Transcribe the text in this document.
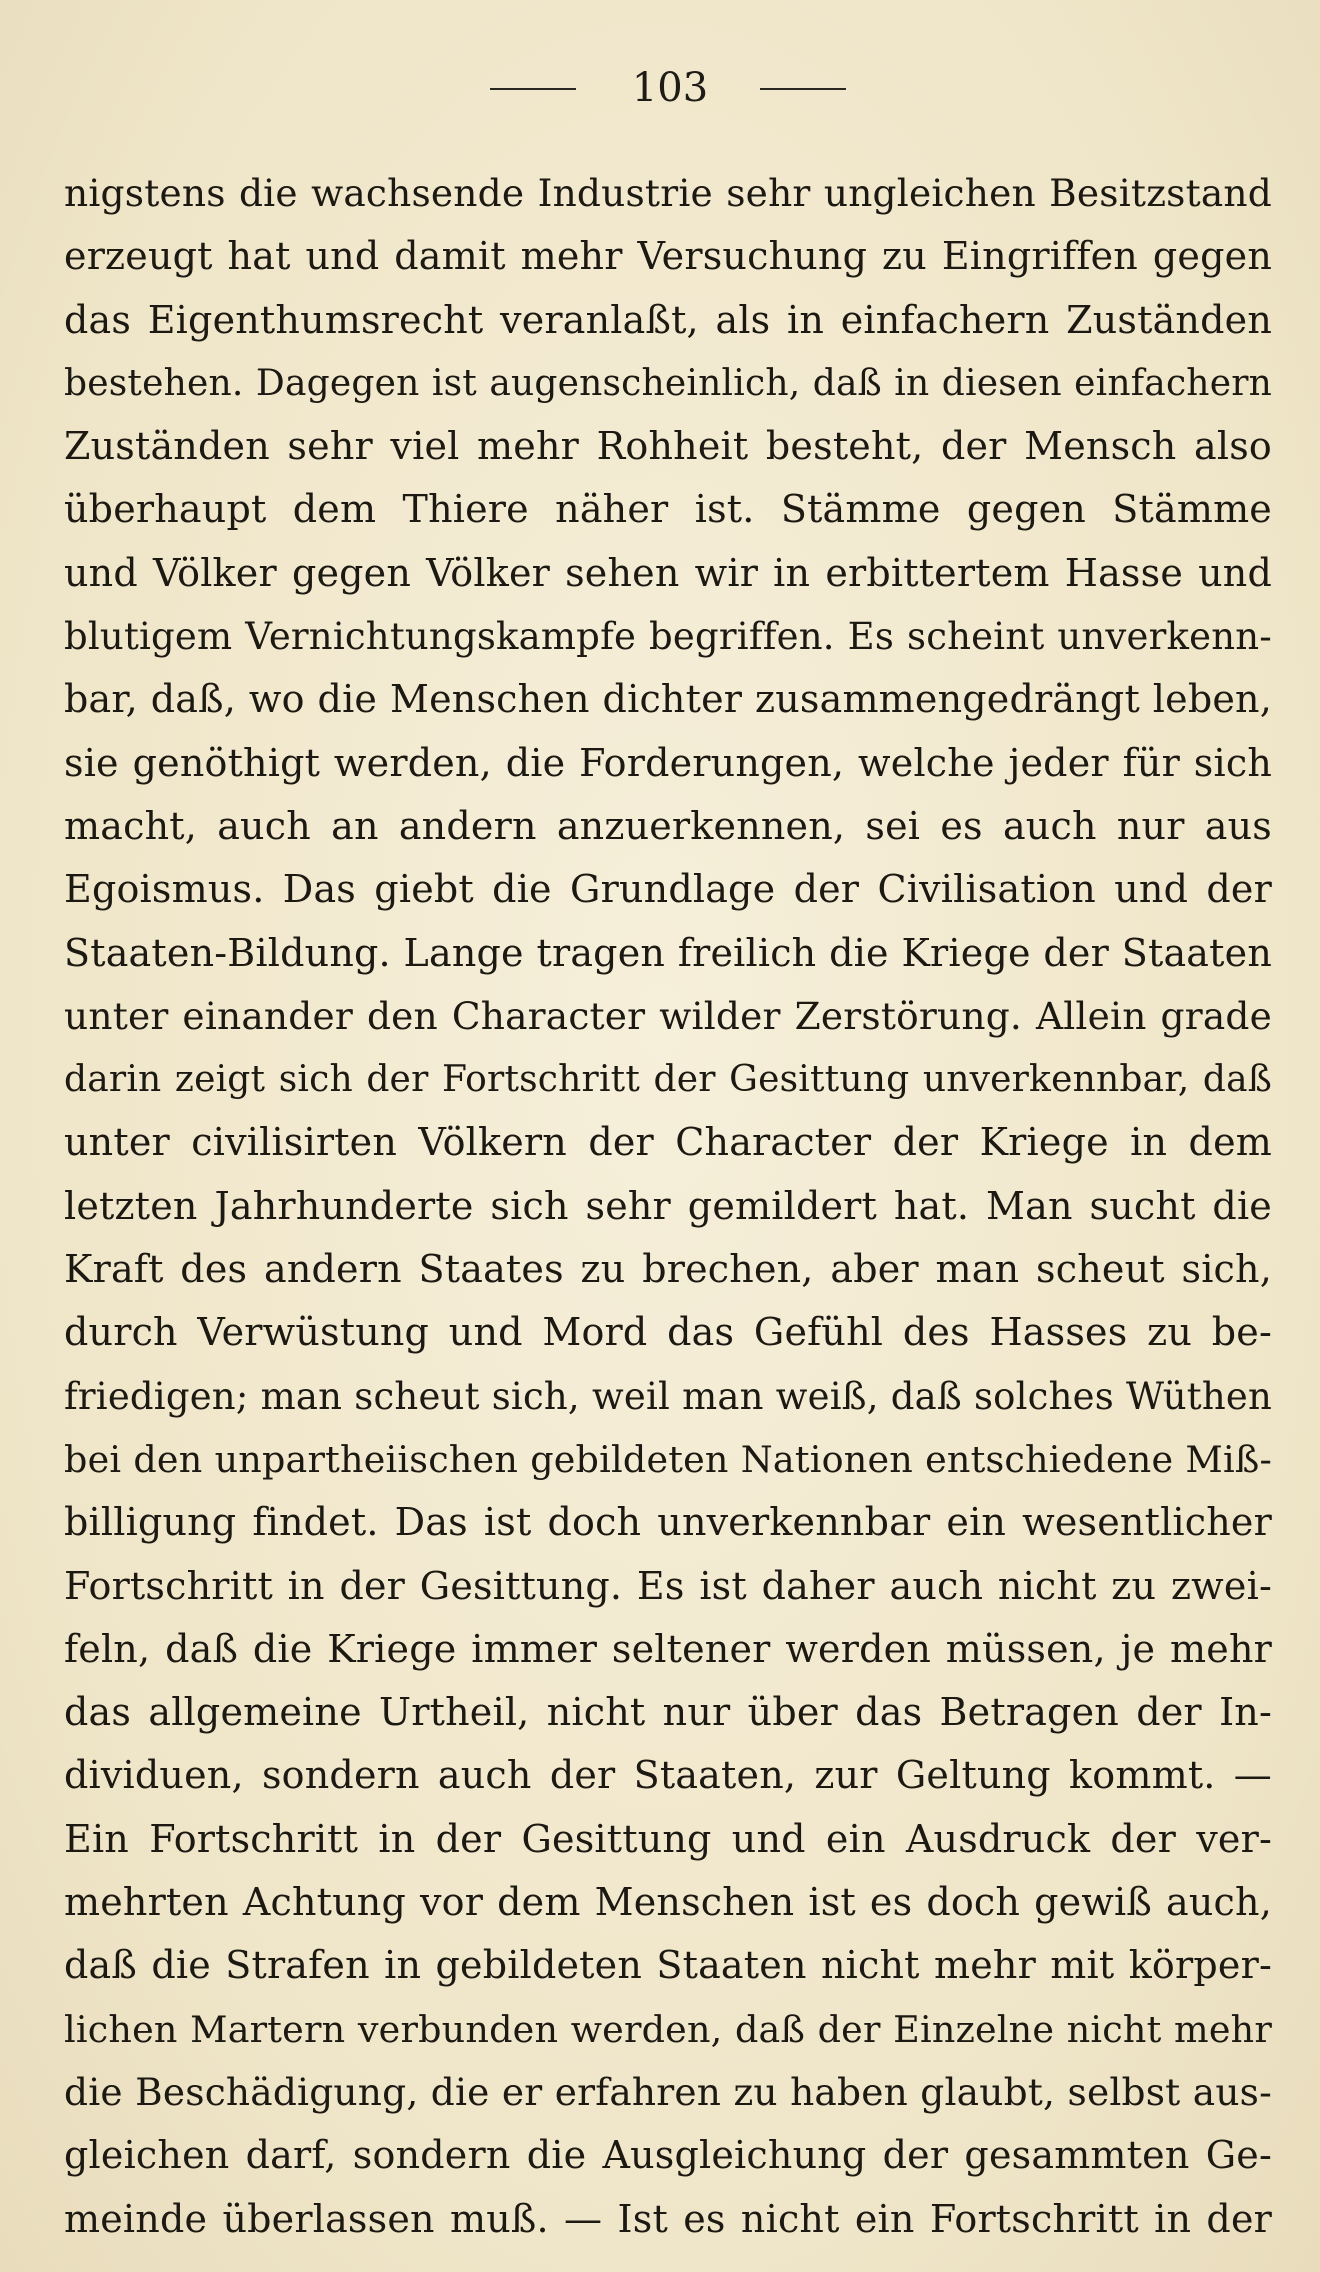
103
nigstens die wachsende Industrie sehr ungleichen Besitzstand
erzeugt hat und damit mehr Versuchung zu Eingriffen gegen
das Eigenthumsrecht veranlaßt, als in einfachern Zuständen
bestehen. Dagegen ist augenscheinlich, daß in diesen einfachern
Zuständen sehr viel mehr Rohheit besteht, der Mensch also
überhaupt dem Thiere näher ist. Stämme gegen Stämme
und Völker gegen Völker sehen wir in erbittertem Hasse und
blutigem Vernichtungskampfe begriffen. Es scheint unverkenn-
bar, daß, wo die Menschen dichter zusammengedrängt leben,
sie genöthigt werden, die Forderungen, welche jeder für sich
macht, auch an andern anzuerkennen, sei es auch nur aus
Egoismus. Das giebt die Grundlage der Civilisation und der
Staaten-Bildung. Lange tragen freilich die Kriege der Staaten
unter einander den Character wilder Zerstörung. Allein grade
darin zeigt sich der Fortschritt der Gesittung unverkennbar, daß
unter civilisirten Völkern der Character der Kriege in dem
letzten Jahrhunderte sich sehr gemildert hat. Man sucht die
Kraft des andern Staates zu brechen, aber man scheut sich,
durch Verwüstung und Mord das Gefühl des Hasses zu be-
friedigen; man scheut sich, weil man weiß, daß solches Wüthen
bei den unpartheiischen gebildeten Nationen entschiedene Miß-
billigung findet. Das ist doch unverkennbar ein wesentlicher
Fortschritt in der Gesittung. Es ist daher auch nicht zu zwei-
feln, daß die Kriege immer seltener werden müssen, je mehr
das allgemeine Urtheil, nicht nur über das Betragen der In-
dividuen, sondern auch der Staaten, zur Geltung kommt. —
Ein Fortschritt in der Gesittung und ein Ausdruck der ver-
mehrten Achtung vor dem Menschen ist es doch gewiß auch,
daß die Strafen in gebildeten Staaten nicht mehr mit körper-
lichen Martern verbunden werden, daß der Einzelne nicht mehr
die Beschädigung, die er erfahren zu haben glaubt, selbst aus-
gleichen darf, sondern die Ausgleichung der gesammten Ge-
meinde überlassen muß. — Ist es nicht ein Fortschritt in der
